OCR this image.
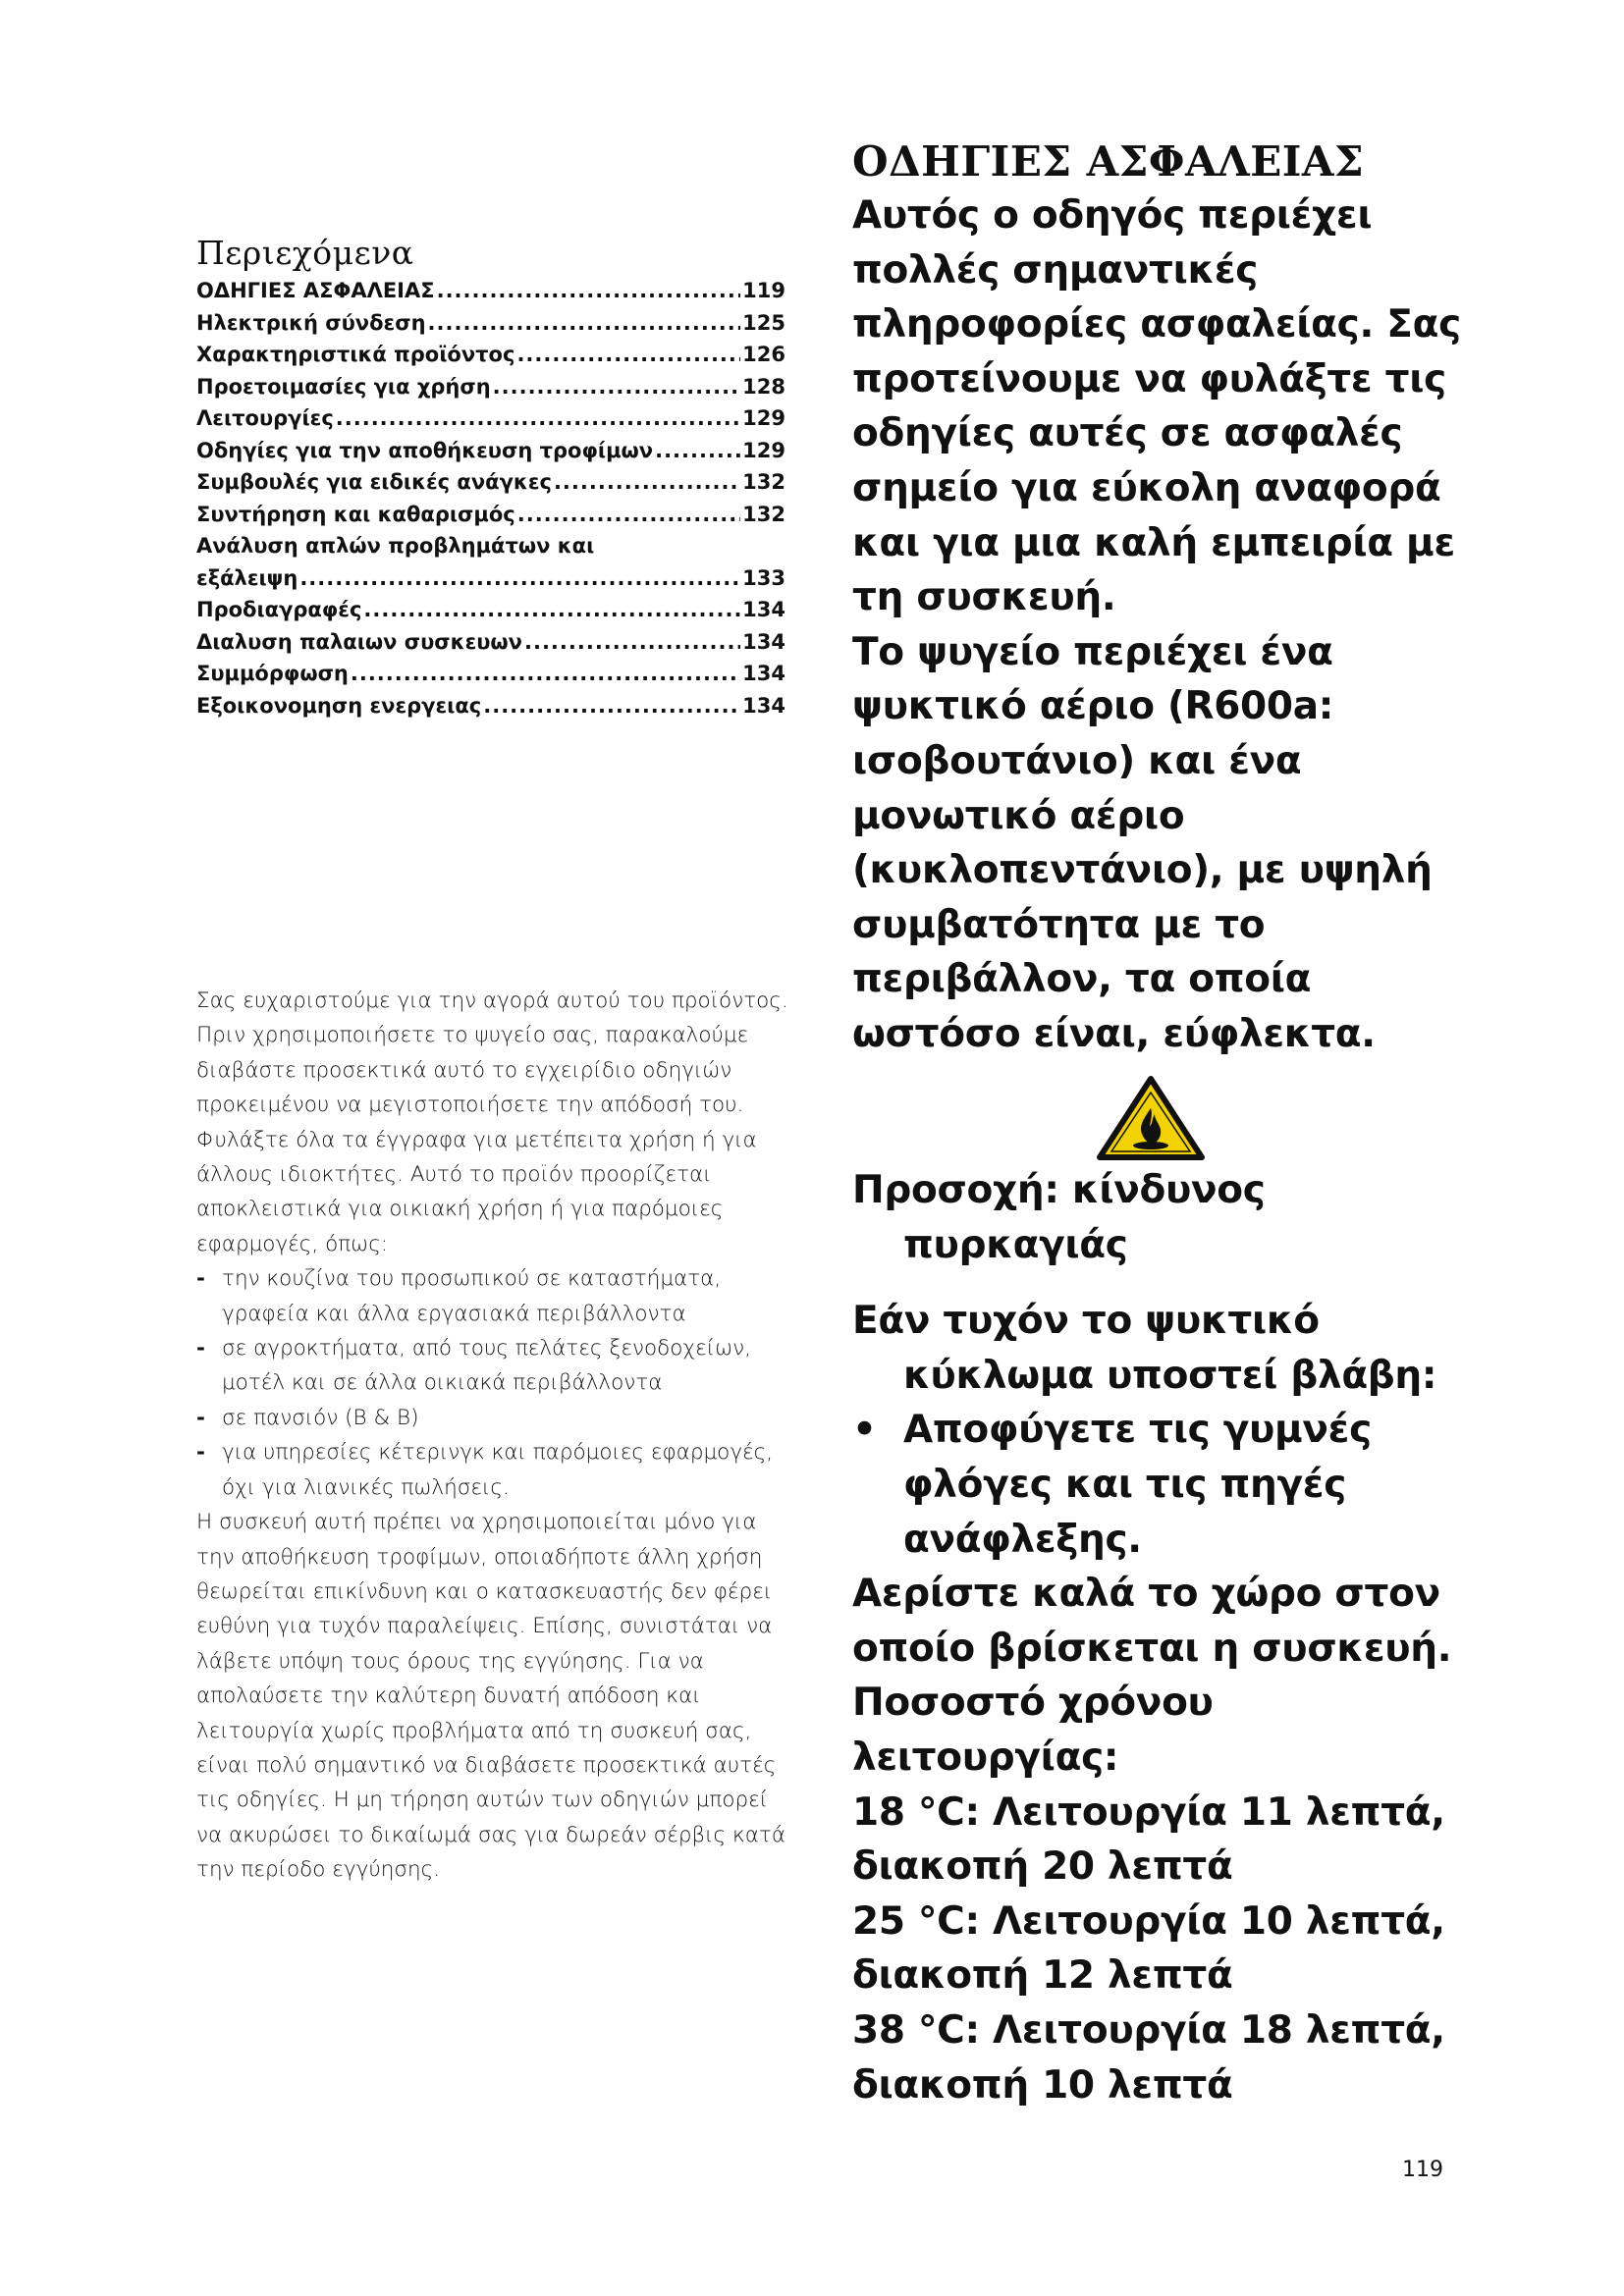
Περιεχόμενα
ΟΔΗΓΙΕΣ ΑΣΦΑΛΕΙΑΣ .....	119
Ηλεκτρική σύνδεση .....	125
Χαρακτηριστικά προϊόντος .....	126
Προετοιμασίες για χρήση .....	128
Λειτουργίες .....	129
Οδηγίες για την αποθήκευση τροφίμων .....	129
Συμβουλές για ειδικές ανάγκες .....	132
Συντήρηση και καθαρισμός .....	132
Ανάλυση απλών προβλημάτων και
εξάλειψη .....	133
Προδιαγραφές .....	134
Διαλυση παλαιων συσκευων .....	134
Συμμόρφωση .....	134
Εξοικονομηση ενεργειας .....	134

Σας ευχαριστούμε για την αγορά αυτού του προϊόντος.

Πριν χρησιμοποιήσετε το ψυγείο σας, παρακαλούμε διαβάστε προσεκτικά αυτό το εγχειρίδιο οδηγιών προκειμένου να μεγιστοποιήσετε την απόδοσή του. Φυλάξτε όλα τα έγγραφα για μετέπειτα χρήση ή για άλλους ιδιοκτήτες. Αυτό το προϊόν προορίζεται αποκλειστικά για οικιακή χρήση ή για παρόμοιες εφαρμογές, όπως:

- την κουζίνα του προσωπικού σε καταστήματα, γραφεία και άλλα εργασιακά περιβάλλοντα
- σε αγροκτήματα, από τους πελάτες ξενοδοχείων, μοτέλ και σε άλλα οικιακά περιβάλλοντα
- σε πανσιόν (B & B)
- για υπηρεσίες κέτερινγκ και παρόμοιες εφαρμογές, όχι για λιανικές πωλήσεις.

Η συσκευή αυτή πρέπει να χρησιμοποιείται μόνο για την αποθήκευση τροφίμων, οποιαδήποτε άλλη χρήση θεωρείται επικίνδυνη και ο κατασκευαστής δεν φέρει ευθύνη για τυχόν παραλείψεις. Επίσης, συνιστάται να λάβετε υπόψη τους όρους της εγγύησης. Για να απολαύσετε την καλύτερη δυνατή απόδοση και λειτουργία χωρίς προβλήματα από τη συσκευή σας, είναι πολύ σημαντικό να διαβάσετε προσεκτικά αυτές τις οδηγίες. Η μη τήρηση αυτών των οδηγιών μπορεί να ακυρώσει το δικαίωμά σας για δωρεάν σέρβις κατά την περίοδο εγγύησης.

ΟΔΗΓΙΕΣ ΑΣΦΑΛΕΙΑΣ

Αυτός ο οδηγός περιέχει πολλές σημαντικές πληροφορίες ασφαλείας. Σας προτείνουμε να φυλάξτε τις οδηγίες αυτές σε ασφαλές σημείο για εύκολη αναφορά και για μια καλή εμπειρία με τη συσκευή.

Το ψυγείο περιέχει ένα ψυκτικό αέριο (R600a: ισοβουτάνιο) και ένα μονωτικό αέριο (κυκλοπεντάνιο), με υψηλή συμβατότητα με το περιβάλλον, τα οποία ωστόσο είναι, εύφλεκτα.

Προσοχή: κίνδυνος

πυρκαγιάς

Εάν τυχόν το ψυκτικό

κύκλωμα υποστεί βλάβη:

• Αποφύγετε τις γυμνές

φλόγες και τις πηγές

ανάφλεξης.

Αερίστε καλά το χώρο στον οποίο βρίσκεται η συσκευή.

Ποσοστό χρόνου λειτουργίας:

18 °C: Λειτουργία 11 λεπτά,

διακοπή 20 λεπτά

25 °C: Λειτουργία 10 λεπτά,

διακοπή 12 λεπτά

38 °C: Λειτουργία 18 λεπτά,

διακοπή 10 λεπτά

119
